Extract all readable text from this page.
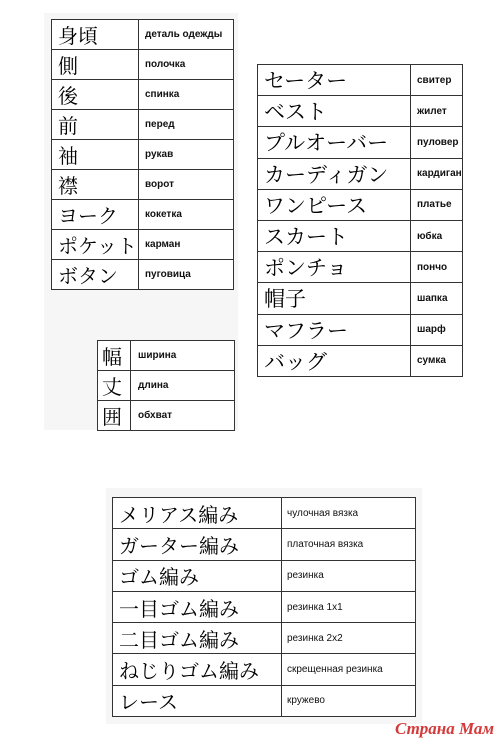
身頃	деталь одежды
側	полочка
後	спинка
前	перед
袖	рукав
襟	ворот
ヨーク	кокетка
ポケット	карман
ボタン	пуговица
セーター	свитер
ベスト	жилет
プルオーバー	пуловер
カーディガン	кардиган
ワンピース	платье
スカート	юбка
ポンチョ	пончо
帽子	шапка
マフラー	шарф
バッグ	сумка
幅	ширина
丈	длина
囲	обхват
メリアス編み	чулочная вязка
ガーター編み	платочная вязка
ゴム編み	резинка
一目ゴム編み	резинка 1х1
二目ゴム編み	резинка 2х2
ねじりゴム編み	скрещенная резинка
レース	кружево
Страна Мам
